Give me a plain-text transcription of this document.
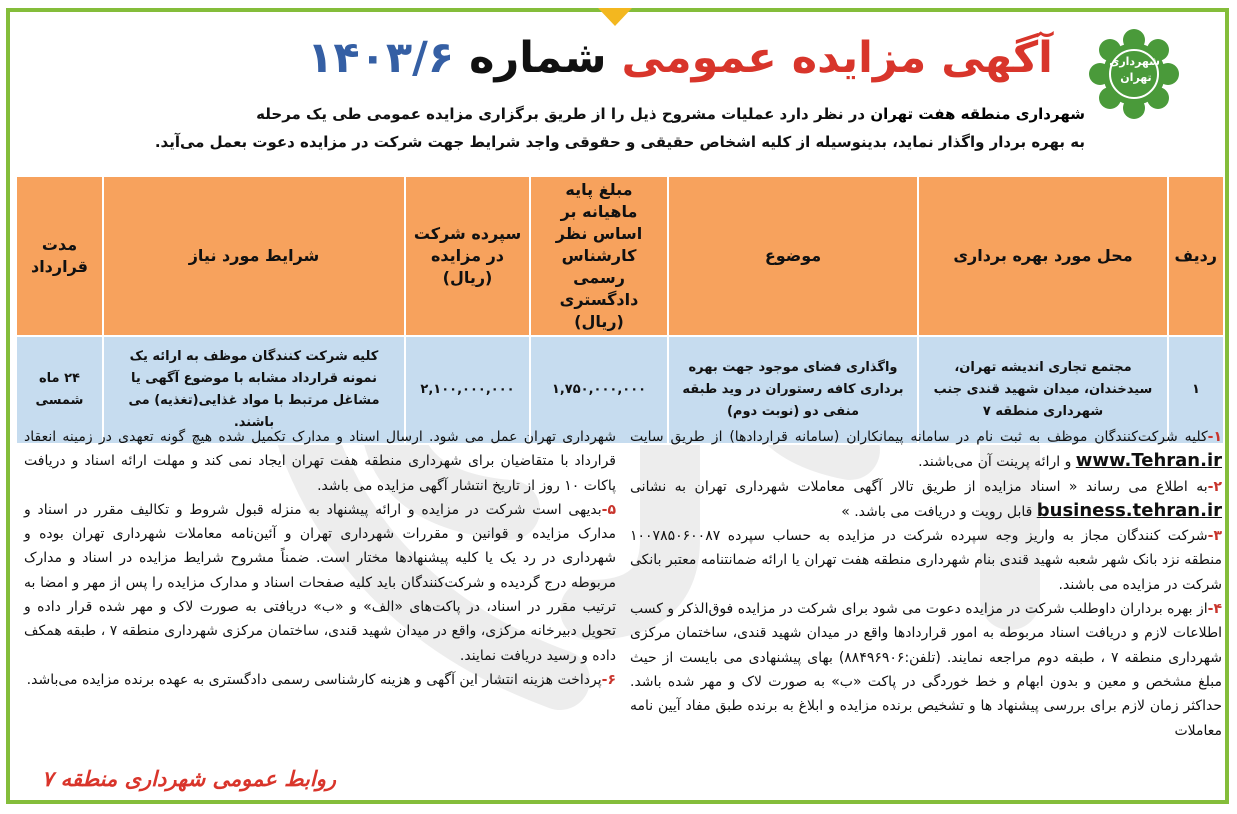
شهرداری
تهران
آگهی مزایده عمومی شماره ۱۴۰۳/۶
شهرداری منطقه هفت تهران در نظر دارد عملیات مشروح ذیل را از طریق برگزاری مزایده عمومی طی یک مرحله
به بهره بردار واگذار نماید، بدینوسیله از کلیه اشخاص حقیقی و حقوقی واجد شرایط جهت شرکت در مزایده دعوت بعمل می‌آید.
ردیف	محل مورد بهره برداری	موضوع	مبلغ پایه ماهیانه بر اساس نظر کارشناس رسمی دادگستری (ریال)	سپرده شرکت در مزایده (ریال)	شرایط مورد نیاز	مدت قرارداد
۱	مجتمع تجاری اندیشه تهران، سیدخندان، میدان شهید قندی جنب شهرداری منطقه ۷	واگذاری فضای موجود جهت بهره برداری کافه رستوران در وید طبقه منفی دو (نوبت دوم)	۱,۷۵۰,۰۰۰,۰۰۰	۲,۱۰۰,۰۰۰,۰۰۰	کلیه شرکت کنندگان موظف به ارائه یک نمونه قرارداد مشابه با موضوع آگهی یا مشاغل مرتبط با مواد غذایی(تغذیه) می باشند.	۲۴ ماه شمسی

۱-کلیه شرکت‌کنندگان موظف به ثبت نام در سامانه پیمانکاران (سامانه قراردادها) از طریق سایت www.Tehran.ir و ارائه پرینت آن می‌باشند.

۲-به اطلاع می رساند « اسناد مزایده از طریق تالار آگهی معاملات شهرداری تهران به نشانی business.tehran.ir قابل رویت و دریافت می باشد. »

۳-شرکت کنندگان مجاز به واریز وجه سپرده شرکت در مزایده به حساب سپرده ۱۰۰۷۸۵۰۶۰۰۸۷ منطقه نزد بانک شهر شعبه شهید قندی بنام شهرداری منطقه هفت تهران یا ارائه ضمانتنامه معتبر بانکی شرکت در مزایده می باشند.

۴-از بهره برداران داوطلب شرکت در مزایده دعوت می شود برای شرکت در مزایده فوق‌الذکر و کسب اطلاعات لازم و دریافت اسناد مربوطه به امور قراردادها واقع در میدان شهید قندی، ساختمان مرکزی شهرداری منطقه ۷ ، طبقه دوم مراجعه نمایند. (تلفن:۸۸۴۹۶۹۰۶) بهای پیشنهادی می بایست از حیث مبلغ مشخص و معین و بدون ابهام و خط خوردگی در پاکت «ب» به صورت لاک و مهر شده باشد. حداکثر زمان لازم برای بررسی پیشنهاد ها و تشخیص برنده مزایده و ابلاغ به برنده طبق مفاد آیین نامه معاملات

شهرداری تهران عمل می شود. ارسال اسناد و مدارک تکمیل شده هیچ گونه تعهدی در زمینه انعقاد قرارداد با متقاضیان برای شهرداری منطقه هفت تهران ایجاد نمی کند و مهلت ارائه اسناد و دریافت پاکات ۱۰ روز از تاریخ انتشار آگهی مزایده می باشد.

۵-بدیهی است شرکت در مزایده و ارائه پیشنهاد به منزله قبول شروط و تکالیف مقرر در اسناد و مدارک مزایده و قوانین و مقررات شهرداری تهران و آئین‌نامه معاملات شهرداری تهران بوده و شهرداری در رد یک یا کلیه پیشنهادها مختار است. ضمناً مشروح شرایط مزایده در اسناد و مدارک مربوطه درج گردیده و شرکت‌کنندگان باید کلیه صفحات اسناد و مدارک مزایده را پس از مهر و امضا به ترتیب مقرر در اسناد، در پاکت‌های «الف» و «ب» دریافتی به صورت لاک و مهر شده قرار داده و تحویل دبیرخانه مرکزی، واقع در میدان شهید قندی، ساختمان مرکزی شهرداری منطقه ۷ ، طبقه همکف داده و رسید دریافت نمایند.

۶-پرداخت هزینه انتشار این آگهی و هزینه کارشناسی رسمی دادگستری به عهده برنده مزایده می‌باشد.

روابط عمومی شهرداری منطقه ۷
